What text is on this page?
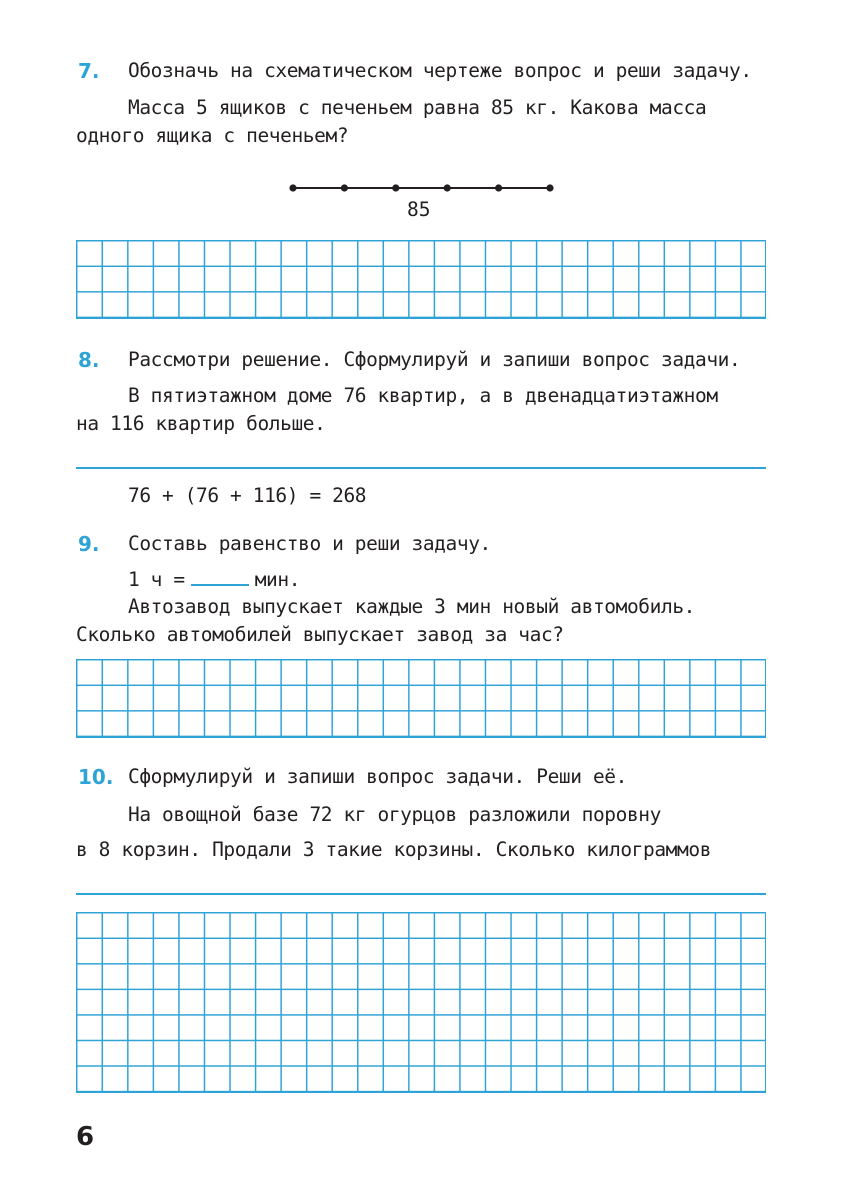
7. Обозначь на схематическом чертеже вопрос и реши задачу.
Масса 5 ящиков с печеньем равна 85 кг. Какова масса
одного ящика с печеньем?
85
8. Рассмотри решение. Сформулируй и запиши вопрос задачи.
В пятиэтажном доме 76 квартир, а в двенадцатиэтажном
на 116 квартир больше.
76 + (76 + 116) = 268
9. Составь равенство и реши задачу.
1 ч =	мин.
Автозавод выпускает каждые 3 мин новый автомобиль.
Сколько автомобилей выпускает завод за час?
10. Сформулируй и запиши вопрос задачи. Реши её.
На овощной базе 72 кг огурцов разложили поровну
в 8 корзин. Продали 3 такие корзины. Сколько килограммов
6
